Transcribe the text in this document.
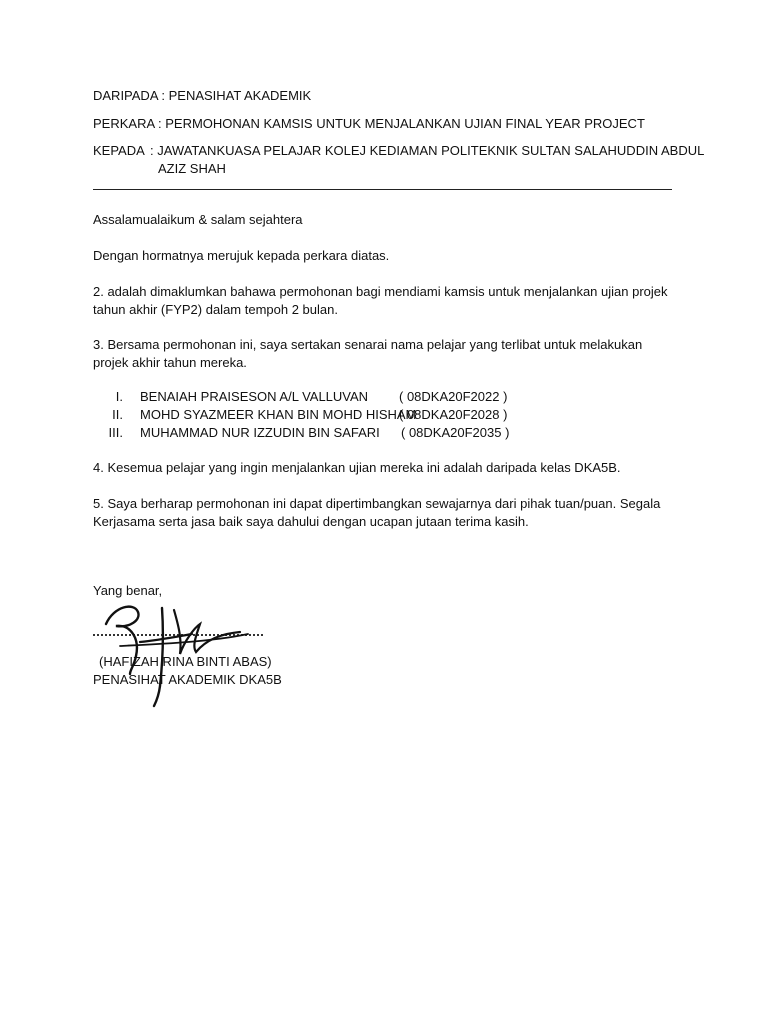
DARIPADA : PENASIHAT AKADEMIK
PERKARA : PERMOHONAN KAMSIS UNTUK MENJALANKAN UJIAN FINAL YEAR PROJECT
KEPADA : JAWATANKUASA PELAJAR KOLEJ KEDIAMAN POLITEKNIK SULTAN SALAHUDDIN ABDUL
AZIZ SHAH
Assalamualaikum & salam sejahtera
Dengan hormatnya merujuk kepada perkara diatas.
2. adalah dimaklumkan bahawa permohonan bagi mendiami kamsis untuk menjalankan ujian projek
tahun akhir (FYP2) dalam tempoh 2 bulan.
3. Bersama permohonan ini, saya sertakan senarai nama pelajar yang terlibat untuk melakukan
projek akhir tahun mereka.
I. BENAIAH PRAISESON A/L VALLUVAN ( 08DKA20F2022 )
II. MOHD SYAZMEER KHAN BIN MOHD HISHAM
( 08DKA20F2028 )
III. MUHAMMAD NUR IZZUDIN BIN SAFARI ( 08DKA20F2035 )
4. Kesemua pelajar yang ingin menjalankan ujian mereka ini adalah daripada kelas DKA5B.
5. Saya berharap permohonan ini dapat dipertimbangkan sewajarnya dari pihak tuan/puan. Segala
Kerjasama serta jasa baik saya dahului dengan ucapan jutaan terima kasih.
Yang benar,
(HAFIZAH RINA BINTI ABAS)
PENASIHAT AKADEMIK DKA5B
